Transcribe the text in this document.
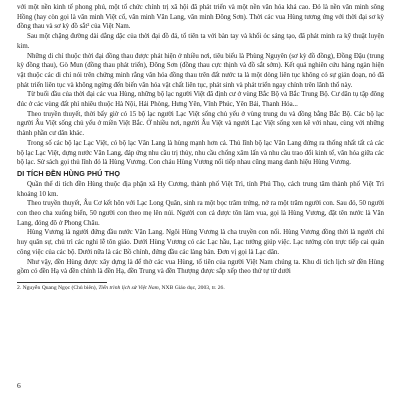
với một nền kinh tế phong phú, một tổ chức chính trị xã hội đã phát triển và một nền văn hóa khá cao. Đó là nền văn minh sông Hồng (hay còn gọi là văn minh Việt cổ, văn minh Văn Lang, văn minh Đông Sơn). Thời các vua Hùng tương ứng với thời đại sơ kỳ đồng thau và sơ kỳ đồ sắt² của Việt Nam.

Sau một chặng đường dài dằng dặc của thời đại đồ đá, tổ tiên ta với bàn tay và khối óc sáng tạo, đã phát minh ra kỹ thuật luyện kim.

Những di chỉ thuộc thời đại đồng thau được phát hiện ở nhiều nơi, tiêu biểu là Phùng Nguyên (sơ kỳ đồ đồng), Đồng Đậu (trung kỳ đồng thau), Gò Mun (đồng thau phát triển), Đông Sơn (đồng thau cực thịnh và đồ sắt sớm). Kết quả nghiên cứu hàng ngàn hiện vật thuộc các di chỉ nói trên chứng minh rằng văn hóa đồng thau trên đất nước ta là một dòng liên tục không có sự gián đoạn, nó đã phát triển liên tục và không ngừng đến biến văn hóa vật chất liên tục, phát sinh và phát triển ngay chính trên lãnh thổ này.

Từ buổi đầu của thời đại các vua Hùng, những bộ lạc người Việt đã định cư ở vùng Bắc Bộ và Bắc Trung Bộ. Cư dân tụ tập đông đúc ở các vùng đất phì nhiêu thuộc Hà Nội, Hải Phòng, Hưng Yên, Vĩnh Phúc, Yên Bái, Thanh Hóa...

Theo truyền thuyết, thời bấy giờ có 15 bộ lạc người Lạc Việt sống chủ yếu ở vùng trung du và đồng bằng Bắc Bộ. Các bộ lạc người Âu Việt sống chủ yếu ở miền Việt Bắc. Ở nhiều nơi, người Âu Việt và người Lạc Việt sống xen kẽ với nhau, cùng với những thành phần cư dân khác.

Trong số các bộ lạc Lạc Việt, có bộ lạc Văn Lang là hùng mạnh hơn cả. Thủ lĩnh bộ lạc Văn Lang đứng ra thống nhất tất cả các bộ lạc Lạc Việt, dựng nước Văn Lang, đáp ứng nhu cầu trị thủy, nhu cầu chống xâm lấn và nhu cầu trao đổi kinh tế, văn hóa giữa các bộ lạc. Sử sách gọi thủ lĩnh đó là Hùng Vương. Con cháu Hùng Vương nối tiếp nhau cũng mang danh hiệu Hùng Vương.

DI TÍCH ĐỀN HÙNG PHÚ THỌ

Quần thể di tích đền Hùng thuộc địa phận xã Hy Cương, thành phố Việt Trì, tỉnh Phú Thọ, cách trung tâm thành phố Việt Trì khoảng 10 km.

Theo truyền thuyết, Âu Cơ kết hôn với Lạc Long Quân, sinh ra một bọc trăm trứng, nở ra một trăm người con. Sau đó, 50 người con theo cha xuống biển, 50 người con theo mẹ lên núi. Người con cả được tôn làm vua, gọi là Hùng Vương, đặt tên nước là Văn Lang, đóng đô ở Phong Châu.

Hùng Vương là người đứng đầu nước Văn Lang. Ngôi Hùng Vương là cha truyền con nối. Hùng Vương đồng thời là người chỉ huy quân sự, chủ trì các nghi lễ tôn giáo. Dưới Hùng Vương có các Lạc hầu, Lạc tướng giúp việc. Lạc tướng còn trực tiếp cai quản công việc của các bộ. Dưới nữa là các Bồ chính, đứng đầu các làng bản. Đơn vị gọi là Lạc dân.

Như vậy, đền Hùng được xây dựng là để thờ các vua Hùng, tổ tiên của người Việt Nam chúng ta. Khu di tích lịch sử đền Hùng gồm có đền Hạ và đền chính là đền Hạ, đền Trung và đền Thượng được sắp xếp theo thứ tự từ dưới

2. Nguyễn Quang Ngọc (Chủ biên), Tiến trình lịch sử Việt Nam, NXB Giáo dục, 2003, tr. 26.

6
